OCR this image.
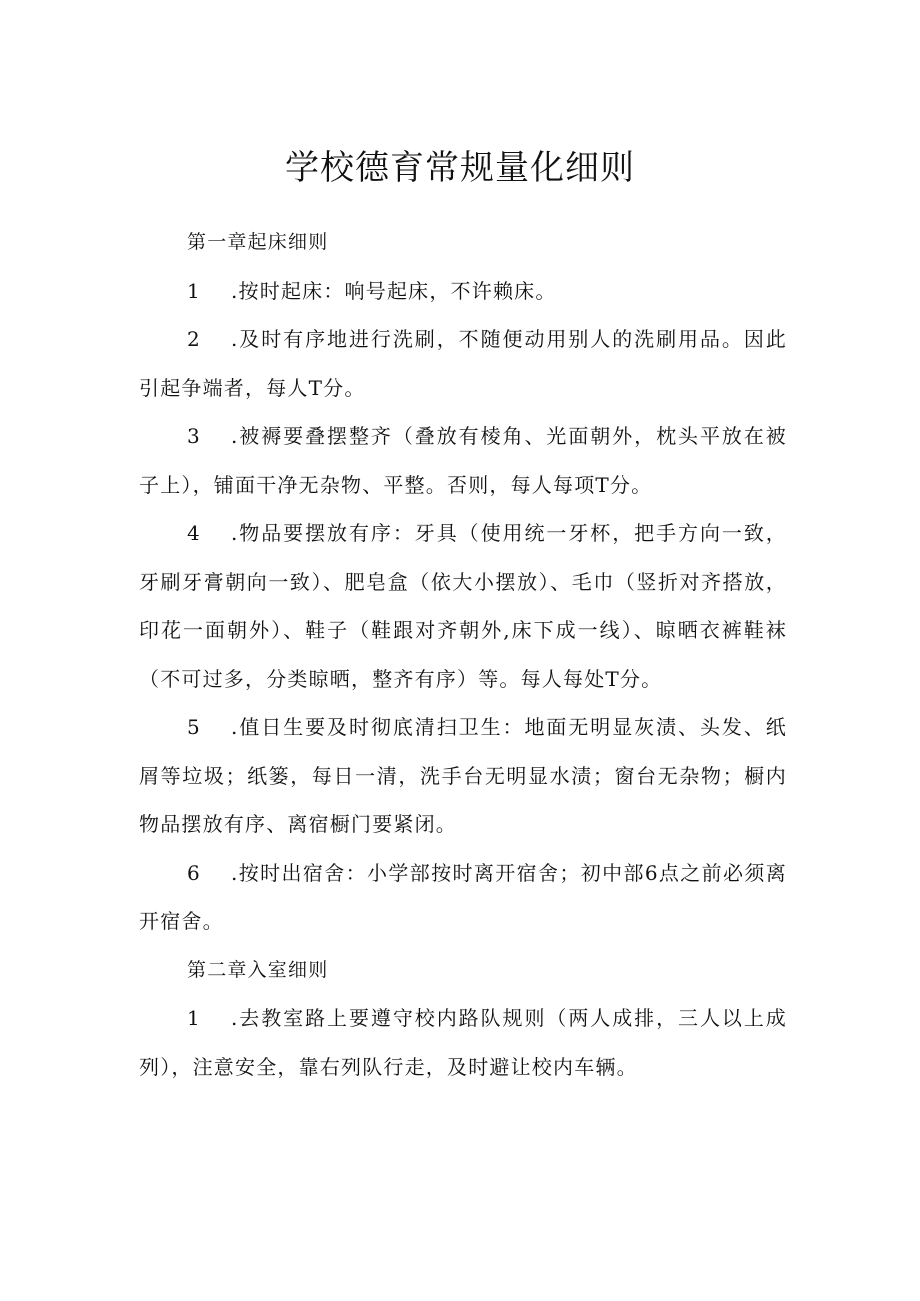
学校德育常规量化细则

第一章起床细则

1 .按时起床：响号起床，不许赖床。

2 .及时有序地进行洗刷，不随便动用别人的洗刷用品。因此引起争端者，每人T分。

3 .被褥要叠摆整齐（叠放有棱角、光面朝外，枕头平放在被子上），铺面干净无杂物、平整。否则，每人每项T分。

4 .物品要摆放有序：牙具（使用统一牙杯，把手方向一致，牙刷牙膏朝向一致）、肥皂盒（依大小摆放）、毛巾（竖折对齐搭放，印花一面朝外）、鞋子（鞋跟对齐朝外,床下成一线）、晾晒衣裤鞋袜（不可过多，分类晾晒，整齐有序）等。每人每处T分。

5 .值日生要及时彻底清扫卫生：地面无明显灰渍、头发、纸屑等垃圾；纸篓，每日一清，洗手台无明显水渍；窗台无杂物；橱内物品摆放有序、离宿橱门要紧闭。

6 .按时出宿舍：小学部按时离开宿舍；初中部6点之前必须离开宿舍。

第二章入室细则

1 .去教室路上要遵守校内路队规则（两人成排，三人以上成列），注意安全，靠右列队行走，及时避让校内车辆。
